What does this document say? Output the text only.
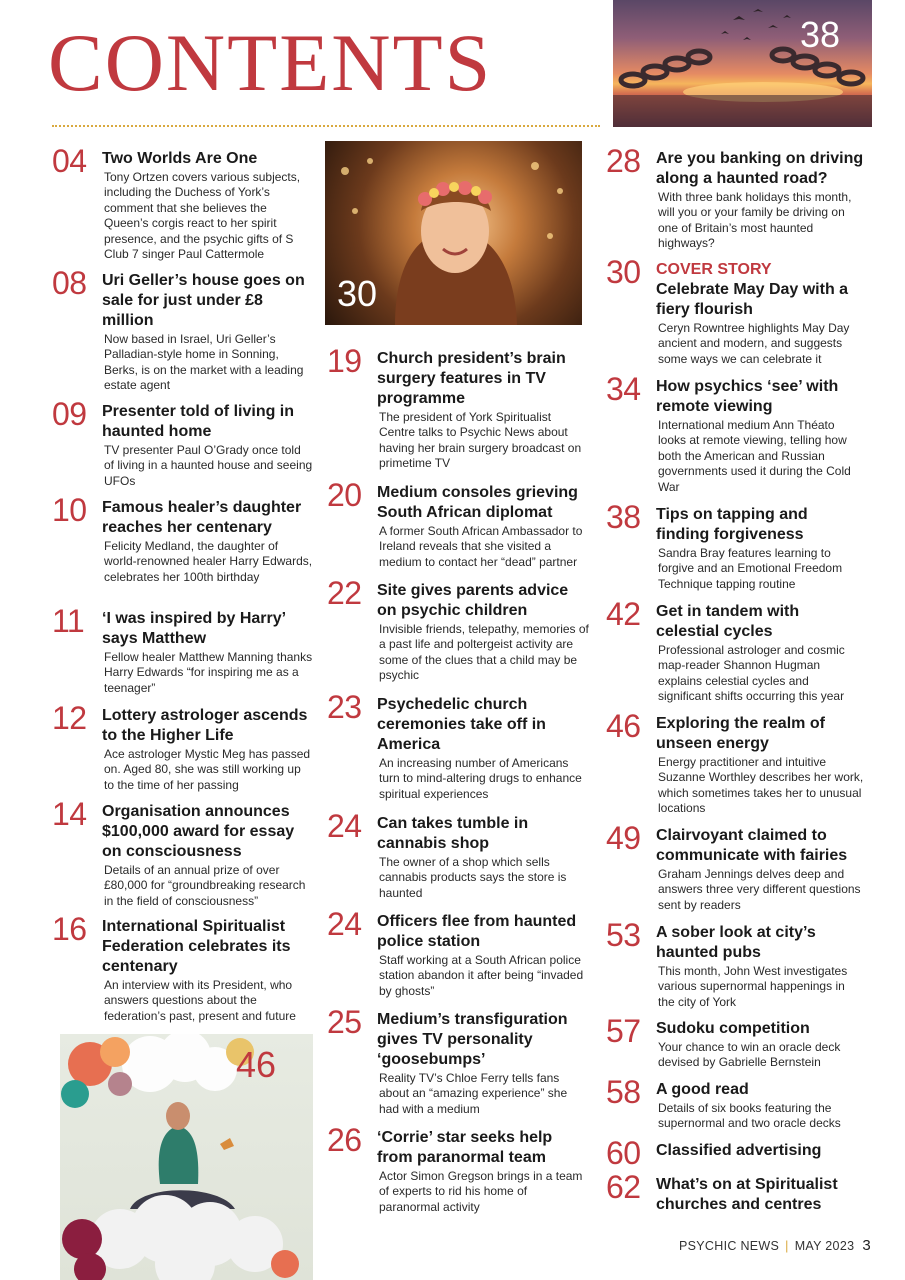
CONTENTS	38
30
46
04 Two Worlds Are One
Tony Ortzen covers various subjects, including the Duchess of York’s comment that she believes the Queen’s corgis react to her spirit presence, and the psychic gifts of S Club 7 singer Paul Cattermole
08 Uri Geller’s house goes on sale for just under £8 million
Now based in Israel, Uri Geller’s Palladian-style home in Sonning, Berks, is on the market with a leading estate agent
09 Presenter told of living in haunted home
TV presenter Paul O’Grady once told of living in a haunted house and seeing UFOs
10 Famous healer’s daughter reaches her centenary
Felicity Medland, the daughter of world-renowned healer Harry Edwards, celebrates her 100th birthday
11 ‘I was inspired by Harry’ says Matthew
Fellow healer Matthew Manning thanks Harry Edwards “for inspiring me as a teenager”
12 Lottery astrologer ascends to the Higher Life
Ace astrologer Mystic Meg has passed on. Aged 80, she was still working up to the time of her passing
14 Organisation announces $100,000 award for essay on consciousness
Details of an annual prize of over £80,000 for “groundbreaking research in the field of consciousness”
16 International Spiritualist Federation celebrates its centenary
An interview with its President, who answers questions about the federation’s past, present and future
19 Church president’s brain surgery features in TV programme
The president of York Spiritualist Centre talks to Psychic News about having her brain surgery broadcast on primetime TV
20 Medium consoles grieving South African diplomat
A former South African Ambassador to Ireland reveals that she visited a medium to contact her “dead” partner
22 Site gives parents advice on psychic children
Invisible friends, telepathy, memories of a past life and poltergeist activity are some of the clues that a child may be psychic
23 Psychedelic church ceremonies take off in America
An increasing number of Americans turn to mind-altering drugs to enhance spiritual experiences
24 Can takes tumble in cannabis shop
The owner of a shop which sells cannabis products says the store is haunted
24 Officers flee from haunted police station
Staff working at a South African police station abandon it after being “invaded by ghosts”
25 Medium’s transfiguration gives TV personality ‘goosebumps’
Reality TV’s Chloe Ferry tells fans about an “amazing experience” she had with a medium
26 ‘Corrie’ star seeks help from paranormal team
Actor Simon Gregson brings in a team of experts to rid his home of paranormal activity
28 Are you banking on driving along a haunted road?
With three bank holidays this month, will you or your family be driving on one of Britain’s most haunted highways?
30 COVER STORY
Celebrate May Day with a fiery flourish
Ceryn Rowntree highlights May Day ancient and modern, and suggests some ways we can celebrate it
34 How psychics ‘see’ with remote viewing
International medium Ann Théato looks at remote viewing, telling how both the American and Russian governments used it during the Cold War
38 Tips on tapping and finding forgiveness
Sandra Bray features learning to forgive and an Emotional Freedom Technique tapping routine
42 Get in tandem with celestial cycles
Professional astrologer and cosmic map-reader Shannon Hugman explains celestial cycles and significant shifts occurring this year
46 Exploring the realm of unseen energy
Energy practitioner and intuitive Suzanne Worthley describes her work, which sometimes takes her to unusual locations
49 Clairvoyant claimed to communicate with fairies
Graham Jennings delves deep and answers three very different questions sent by readers
53 A sober look at city’s haunted pubs
This month, John West investigates various supernormal happenings in the city of York
57 Sudoku competition
Your chance to win an oracle deck devised by Gabrielle Bernstein
58 A good read
Details of six books featuring the supernormal and two oracle decks
60 Classified advertising
62 What’s on at Spiritualist churches and centres
PSYCHIC NEWS | MAY 2023 3
